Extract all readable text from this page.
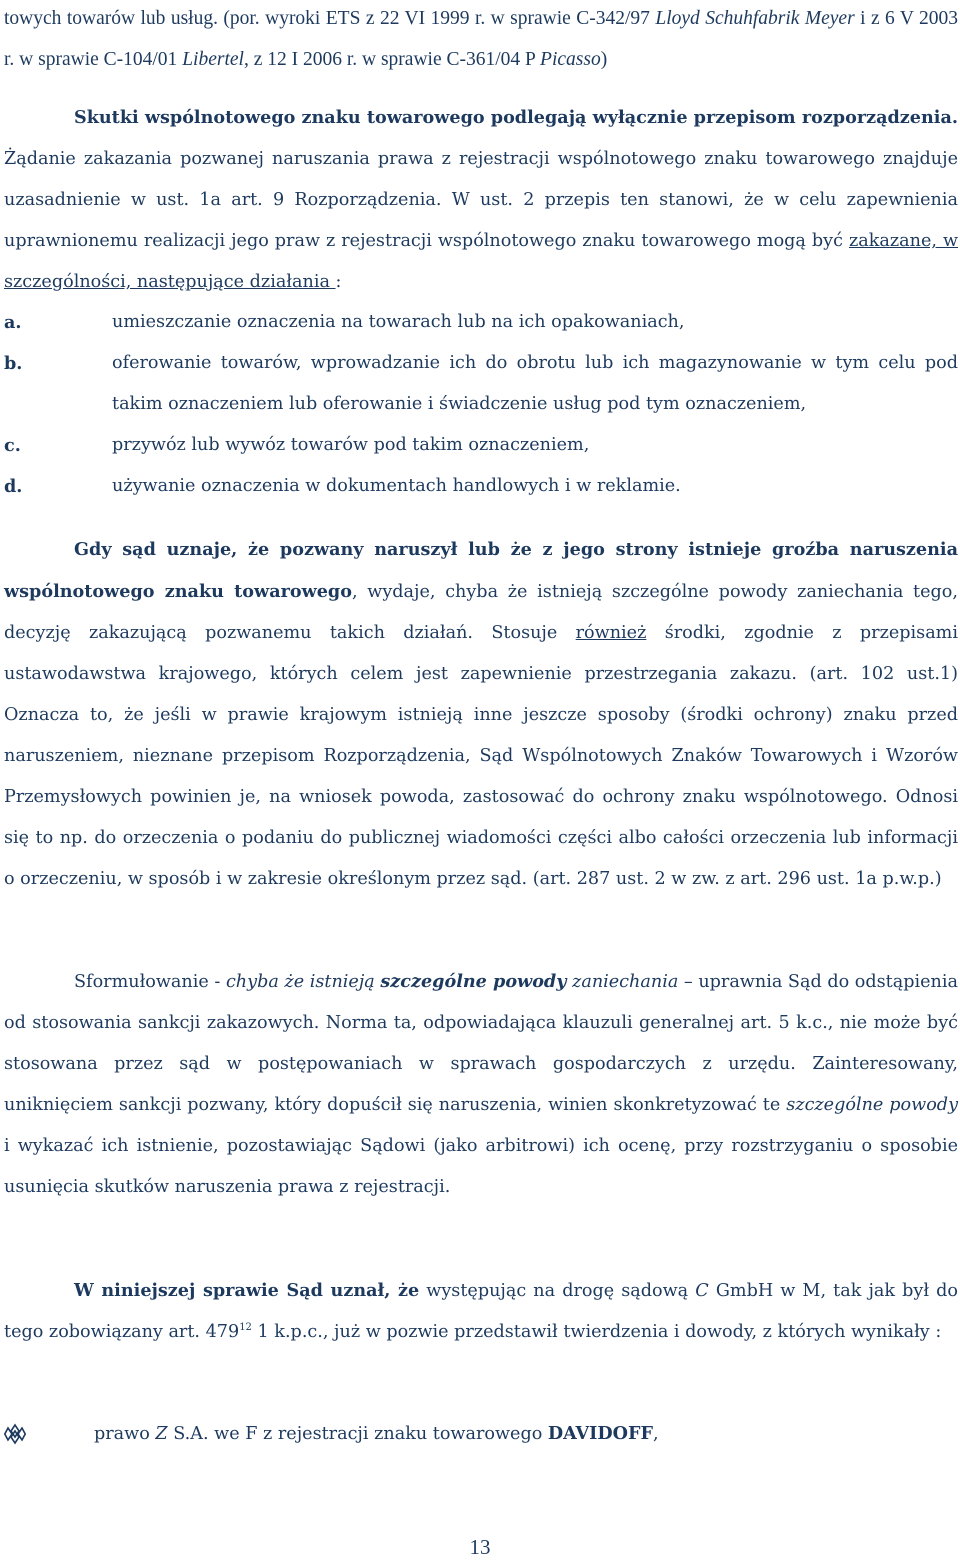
towych towarów lub usług. (por. wyroki ETS z 22 VI 1999 r. w sprawie C-342/97 Lloyd Schuhfabrik Meyer i z 6 V 2003 r. w sprawie C-104/01 Libertel, z 12 I 2006 r. w sprawie C-361/04 P Picasso)
Skutki wspólnotowego znaku towarowego podlegają wyłącznie przepisom rozporządzenia. Żądanie zakazania pozwanej naruszania prawa z rejestracji wspólnotowego znaku towarowego znajduje uzasadnienie w ust. 1a art. 9 Rozporządzenia. W ust. 2 przepis ten stanowi, że w celu zapewnienia uprawnionemu realizacji jego praw z rejestracji wspólnotowego znaku towarowego mogą być zakazane, w szczególności, następujące działania :
a.	umieszczanie oznaczenia na towarach lub na ich opakowaniach,
b.	oferowanie towarów, wprowadzanie ich do obrotu lub ich magazynowanie w tym celu pod takim oznaczeniem lub oferowanie i świadczenie usług pod tym oznaczeniem,
c.	przywóz lub wywóz towarów pod takim oznaczeniem,
d.	używanie oznaczenia w dokumentach handlowych i w reklamie.
Gdy sąd uznaje, że pozwany naruszył lub że z jego strony istnieje groźba naruszenia wspólnotowego znaku towarowego, wydaje, chyba że istnieją szczególne powody zaniechania tego, decyzję zakazującą pozwanemu takich działań. Stosuje również środki, zgodnie z przepisami ustawodawstwa krajowego, których celem jest zapewnienie przestrzegania zakazu. (art. 102 ust.1) Oznacza to, że jeśli w prawie krajowym istnieją inne jeszcze sposoby (środki ochrony) znaku przed naruszeniem, nieznane przepisom Rozporządzenia, Sąd Wspólnotowych Znaków Towarowych i Wzorów Przemysłowych powinien je, na wniosek powoda, zastosować do ochrony znaku wspólnotowego. Odnosi się to np. do orzeczenia o podaniu do publicznej wiadomości części albo całości orzeczenia lub informacji o orzeczeniu, w sposób i w zakresie określonym przez sąd. (art. 287 ust. 2 w zw. z art. 296 ust. 1a p.w.p.)
Sformułowanie - chyba że istnieją szczególne powody zaniechania – uprawnia Sąd do odstąpienia od stosowania sankcji zakazowych. Norma ta, odpowiadająca klauzuli generalnej art. 5 k.c., nie może być stosowana przez sąd w postępowaniach w sprawach gospodarczych z urzędu. Zainteresowany, uniknięciem sankcji pozwany, który dopuścił się naruszenia, winien skonkretyzować te szczególne powody i wykazać ich istnienie, pozostawiając Sądowi (jako arbitrowi) ich ocenę, przy rozstrzyganiu o sposobie usunięcia skutków naruszenia prawa z rejestracji.
W niniejszej sprawie Sąd uznał, że występując na drogę sądową C GmbH w M, tak jak był do tego zobowiązany art. $479^{12}$ 1 k.p.c., już w pozwie przedstawił twierdzenia i dowody, z których wynikały :
prawo Z S.A. we F z rejestracji znaku towarowego DAVIDOFF,
13
